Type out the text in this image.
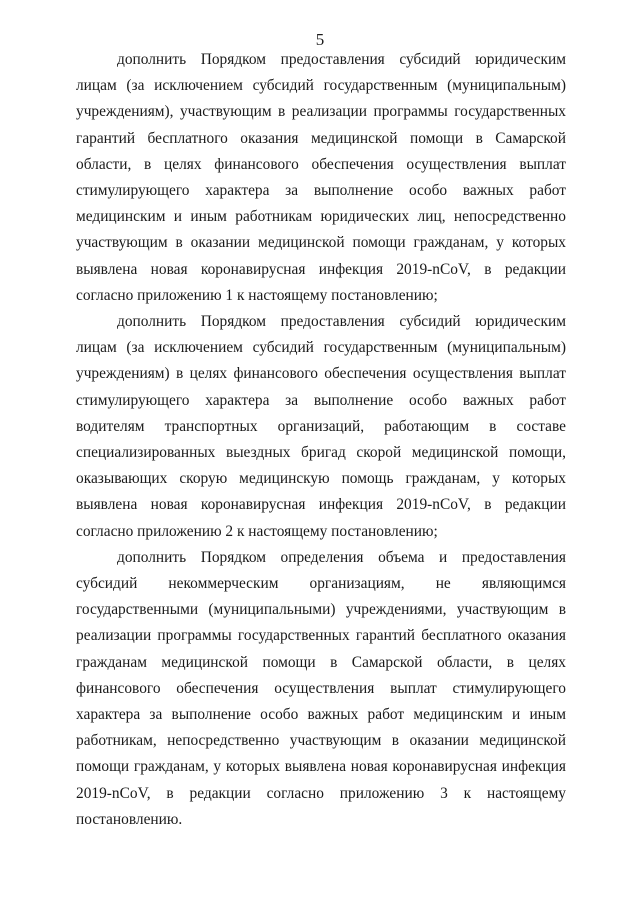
5

дополнить Порядком предоставления субсидий юридическим лицам (за исключением субсидий государственным (муниципальным) учреждениям), участвующим в реализации программы государственных гарантий бесплатного оказания медицинской помощи в Самарской области, в целях финансового обеспечения осуществления выплат стимулирующего характера за выполнение особо важных работ медицинским и иным работникам юридических лиц, непосредственно участвующим в оказании медицинской помощи гражданам, у которых выявлена новая коронавирусная инфекция 2019-nCoV, в редакции согласно приложению 1 к настоящему постановлению;

дополнить Порядком предоставления субсидий юридическим лицам (за исключением субсидий государственным (муниципальным) учреждениям) в целях финансового обеспечения осуществления выплат стимулирующего характера за выполнение особо важных работ водителям транспортных организаций, работающим в составе специализированных выездных бригад скорой медицинской помощи, оказывающих скорую медицинскую помощь гражданам, у которых выявлена новая коронавирусная инфекция 2019-nCoV, в редакции согласно приложению 2 к настоящему постановлению;

дополнить Порядком определения объема и предоставления субсидий некоммерческим организациям, не являющимся государственными (муниципальными) учреждениями, участвующим в реализации программы государственных гарантий бесплатного оказания гражданам медицинской помощи в Самарской области, в целях финансового обеспечения осуществления выплат стимулирующего характера за выполнение особо важных работ медицинским и иным работникам, непосредственно участвующим в оказании медицинской помощи гражданам, у которых выявлена новая коронавирусная инфекция 2019-nCoV, в редакции согласно приложению 3 к настоящему постановлению.
